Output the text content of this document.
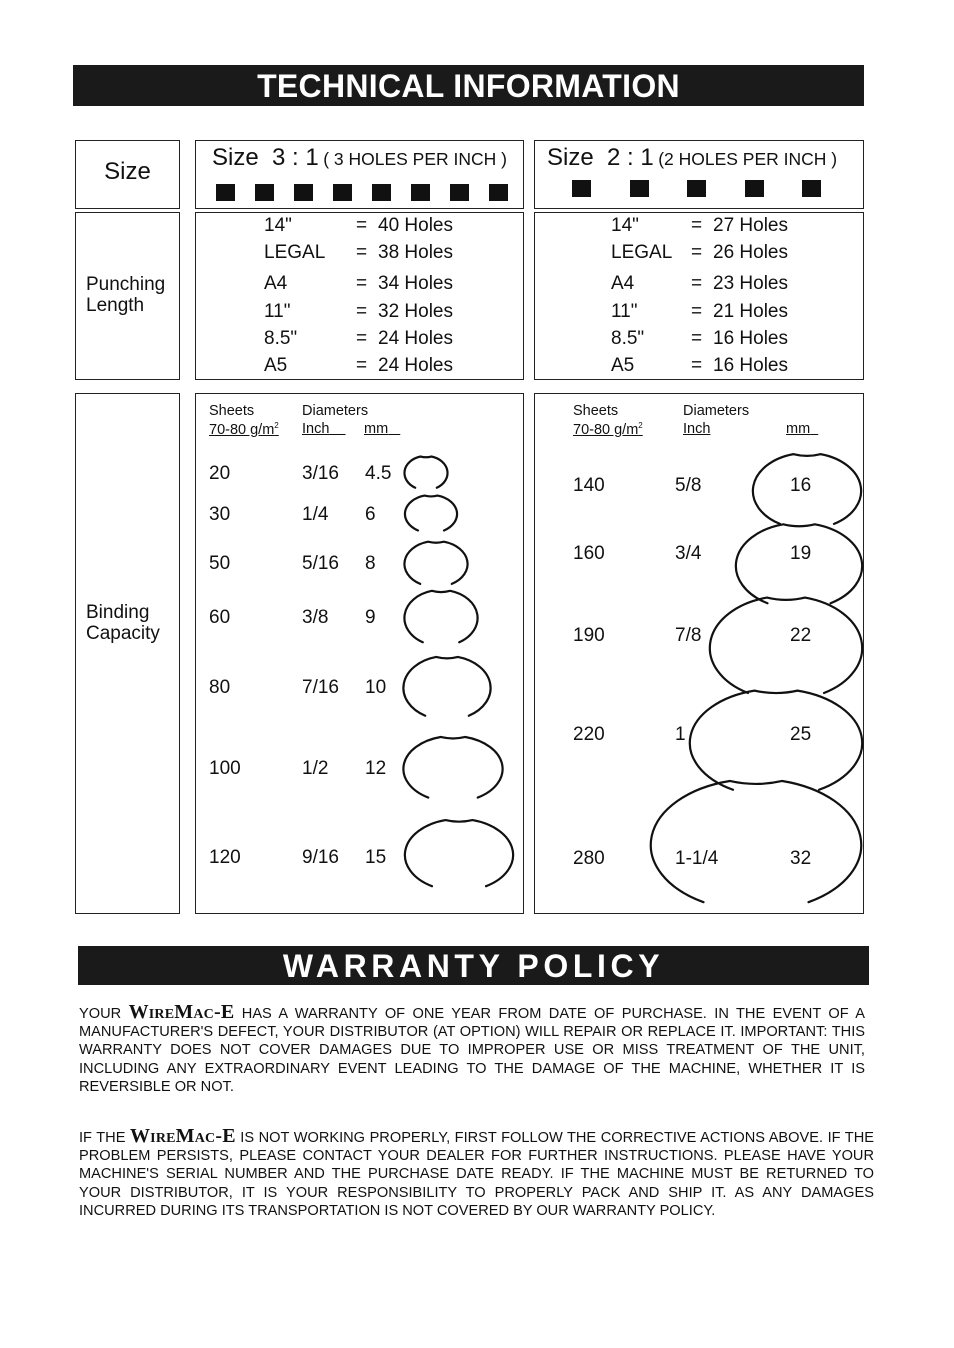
TECHNICAL INFORMATION
Size
Size  3 : 1 ( 3 HOLES PER INCH ) Size  2 : 1 (2 HOLES PER INCH )
Punching
Length
14"	= 40 Holes
LEGAL = 38 Holes
A4	= 34 Holes
11"	= 32 Holes
8.5"	= 24 Holes
A5	= 24 Holes
14"	= 27 Holes
LEGAL = 26 Holes
A4	= 23 Holes
11"	= 21 Holes
8.5" = 16 Holes
A5	= 16 Holes
Binding
Capacity
Sheets	Diameters
70-80 $g/m^2$ Inch	mm
20	3/16 4.5
30	1/4 6
50	5/16 8
60	3/8 9
80	7/16 10
100	1/2 12
120	9/16 15
Sheets	Diameters
70-80 $g/m^2$	Inch	mm
140	5/8	16
160	3/4	19
190	7/8	22
220	1	25
280	1-1/4	32
WARRANTY POLICY

YOUR WireMac-E HAS A WARRANTY OF ONE YEAR FROM DATE OF PURCHASE. IN THE EVENT OF A MANUFACTURER'S DEFECT, YOUR DISTRIBUTOR (AT OPTION) WILL REPAIR OR REPLACE IT. IMPORTANT: THIS WARRANTY DOES NOT COVER DAMAGES DUE TO IMPROPER USE OR MISS TREATMENT OF THE UNIT, INCLUDING ANY EXTRAORDINARY EVENT LEADING TO THE DAMAGE OF THE MACHINE, WHETHER IT IS REVERSIBLE OR NOT.

IF THE WireMac-E IS NOT WORKING PROPERLY, FIRST FOLLOW THE CORRECTIVE ACTIONS ABOVE. IF THE PROBLEM PERSISTS, PLEASE CONTACT YOUR DEALER FOR FURTHER INSTRUCTIONS. PLEASE HAVE YOUR MACHINE'S SERIAL NUMBER AND THE PURCHASE DATE READY. IF THE MACHINE MUST BE RETURNED TO YOUR DISTRIBUTOR, IT IS YOUR RESPONSIBILITY TO PROPERLY PACK AND SHIP IT. AS ANY DAMAGES INCURRED DURING ITS TRANSPORTATION IS NOT COVERED BY OUR WARRANTY POLICY.
